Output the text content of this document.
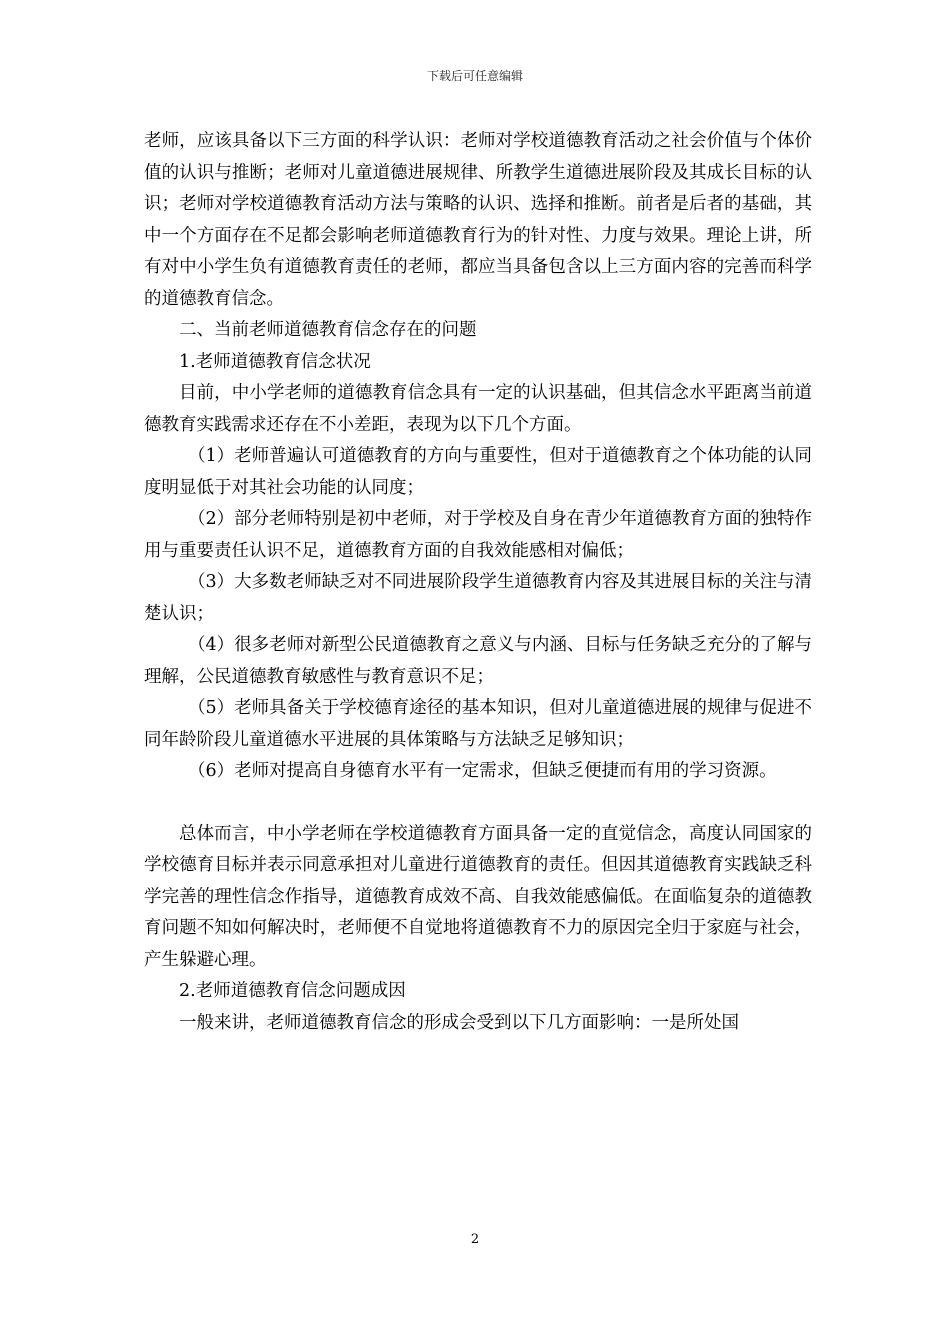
下载后可任意编辑

老师，应该具备以下三方面的科学认识：老师对学校道德教育活动之社会价值与个体价值的认识与推断；老师对儿童道德进展规律、所教学生道德进展阶段及其成长目标的认识；老师对学校道德教育活动方法与策略的认识、选择和推断。前者是后者的基础，其中一个方面存在不足都会影响老师道德教育行为的针对性、力度与效果。理论上讲，所有对中小学生负有道德教育责任的老师，都应当具备包含以上三方面内容的完善而科学的道德教育信念。

二、当前老师道德教育信念存在的问题

1.老师道德教育信念状况

目前，中小学老师的道德教育信念具有一定的认识基础，但其信念水平距离当前道德教育实践需求还存在不小差距，表现为以下几个方面。

（1）老师普遍认可道德教育的方向与重要性，但对于道德教育之个体功能的认同度明显低于对其社会功能的认同度；

（2）部分老师特别是初中老师，对于学校及自身在青少年道德教育方面的独特作用与重要责任认识不足，道德教育方面的自我效能感相对偏低；

（3）大多数老师缺乏对不同进展阶段学生道德教育内容及其进展目标的关注与清楚认识；

（4）很多老师对新型公民道德教育之意义与内涵、目标与任务缺乏充分的了解与理解，公民道德教育敏感性与教育意识不足；

（5）老师具备关于学校德育途径的基本知识，但对儿童道德进展的规律与促进不同年龄阶段儿童道德水平进展的具体策略与方法缺乏足够知识；

（6）老师对提高自身德育水平有一定需求，但缺乏便捷而有用的学习资源。

总体而言，中小学老师在学校道德教育方面具备一定的直觉信念，高度认同国家的学校德育目标并表示同意承担对儿童进行道德教育的责任。但因其道德教育实践缺乏科学完善的理性信念作指导，道德教育成效不高、自我效能感偏低。在面临复杂的道德教育问题不知如何解决时，老师便不自觉地将道德教育不力的原因完全归于家庭与社会，产生躲避心理。

2.老师道德教育信念问题成因

一般来讲，老师道德教育信念的形成会受到以下几方面影响：一是所处国

2
